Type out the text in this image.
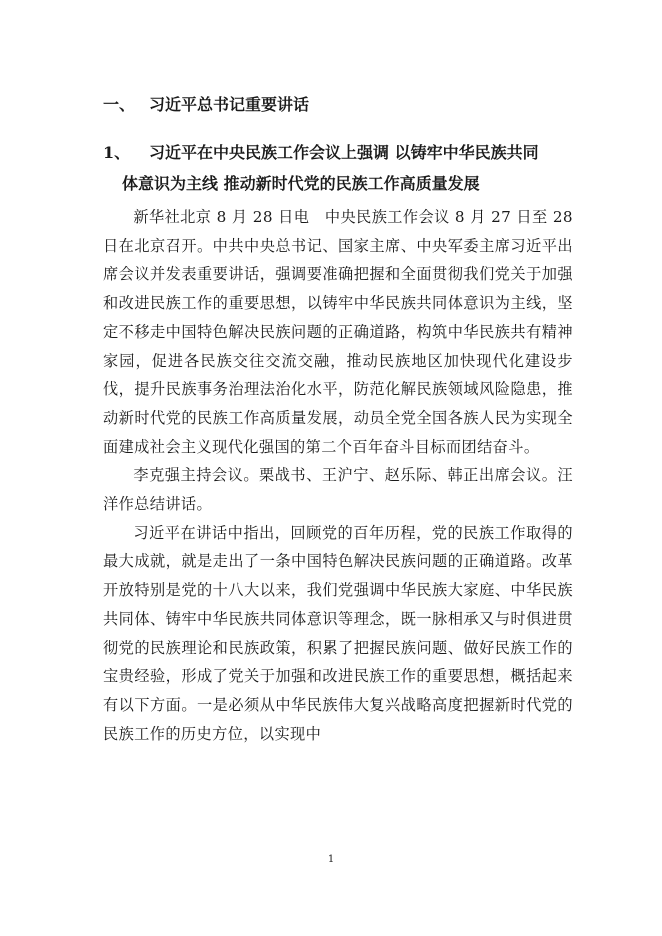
一、 习近平总书记重要讲话
1、 习近平在中央民族工作会议上强调 以铸牢中华民族共同
体意识为主线 推动新时代党的民族工作高质量发展

新华社北京 8 月 28 日电　中央民族工作会议 8 月 27 日至 28 日在北京召开。中共中央总书记、国家主席、中央军委主席习近平出席会议并发表重要讲话，强调要准确把握和全面贯彻我们党关于加强和改进民族工作的重要思想，以铸牢中华民族共同体意识为主线，坚定不移走中国特色解决民族问题的正确道路，构筑中华民族共有精神家园，促进各民族交往交流交融，推动民族地区加快现代化建设步伐，提升民族事务治理法治化水平，防范化解民族领域风险隐患，推动新时代党的民族工作高质量发展，动员全党全国各族人民为实现全面建成社会主义现代化强国的第二个百年奋斗目标而团结奋斗。

李克强主持会议。栗战书、王沪宁、赵乐际、韩正出席会议。汪洋作总结讲话。

习近平在讲话中指出，回顾党的百年历程，党的民族工作取得的最大成就，就是走出了一条中国特色解决民族问题的正确道路。改革开放特别是党的十八大以来，我们党强调中华民族大家庭、中华民族共同体、铸牢中华民族共同体意识等理念，既一脉相承又与时俱进贯彻党的民族理论和民族政策，积累了把握民族问题、做好民族工作的宝贵经验，形成了党关于加强和改进民族工作的重要思想，概括起来有以下方面。一是必须从中华民族伟大复兴战略高度把握新时代党的民族工作的历史方位，以实现中

1
